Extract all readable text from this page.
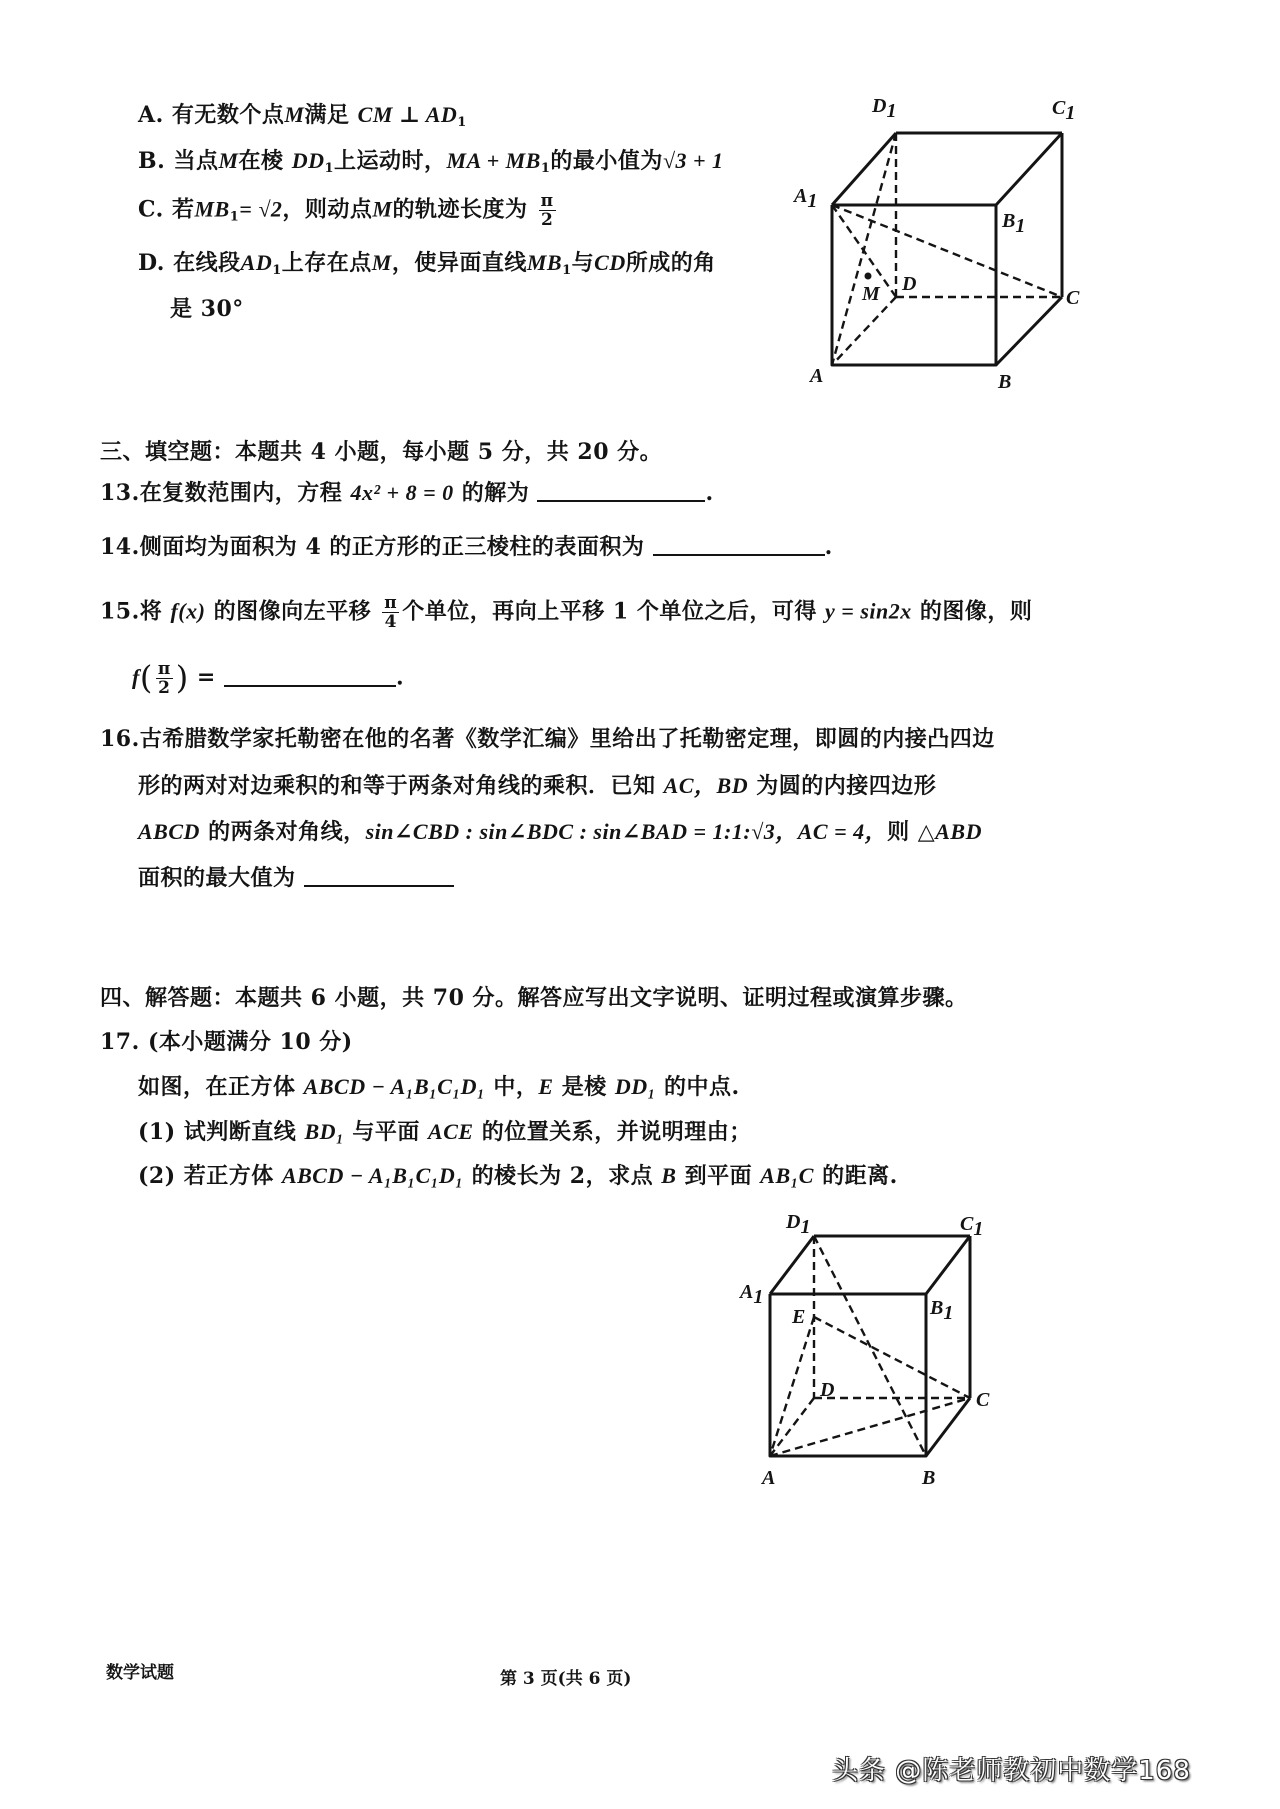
A. 有无数个点M满足 CM ⊥ $AD_1$
B. 当点M在棱 $DD_1$上运动时，MA + $MB_1$的最小值为√3 + 1
C. 若$MB_1= √2$，则动点M的轨迹长度为 $\frac{\pi}{2}$
D. 在线段$AD_1$上存在点M，使异面直线$MB_1$与CD所成的角
是 30°
D1	C1
A1
B1
M D
C
A	B
三、填空题：本题共 4 小题，每小题 5 分，共 20 分。
13.在复数范围内，方程 4x² + 8 = 0 的解为	.
14.侧面均为面积为 4 的正方形的正三棱柱的表面积为	.
15.将 f(x) 的图像向左平移 $\frac{\pi}{4}$ 个单位，再向上平移 1 个单位之后，可得 y = sin2x 的图像，则
$f( \frac{\pi}{2}$ ) =	.
16.古希腊数学家托勒密在他的名著《数学汇编》里给出了托勒密定理，即圆的内接凸四边
形的两对对边乘积的和等于两条对角线的乘积．已知 AC，BD 为圆的内接四边形
ABCD 的两条对角线，sin∠CBD : sin∠BDC : sin∠BAD = 1:1:√3，AC = 4，则 △ABD
面积的最大值为
四、解答题：本题共 6 小题，共 70 分。解答应写出文字说明、证明过程或演算步骤。
17. (本小题满分 10 分)
如图，在正方体 ABCD − A₁B₁C₁D₁ 中，E 是棱 DD₁ 的中点.
(1) 试判断直线 BD₁ 与平面 ACE 的位置关系，并说明理由；
(2) 若正方体 ABCD − A₁B₁C₁D₁ 的棱长为 2，求点 B 到平面 AB₁C 的距离.
D1	C1
A1	B1
E
D	C
A	B
数学试题	第 3 页(共 6 页)
头条 @陈老师教初中数学168
